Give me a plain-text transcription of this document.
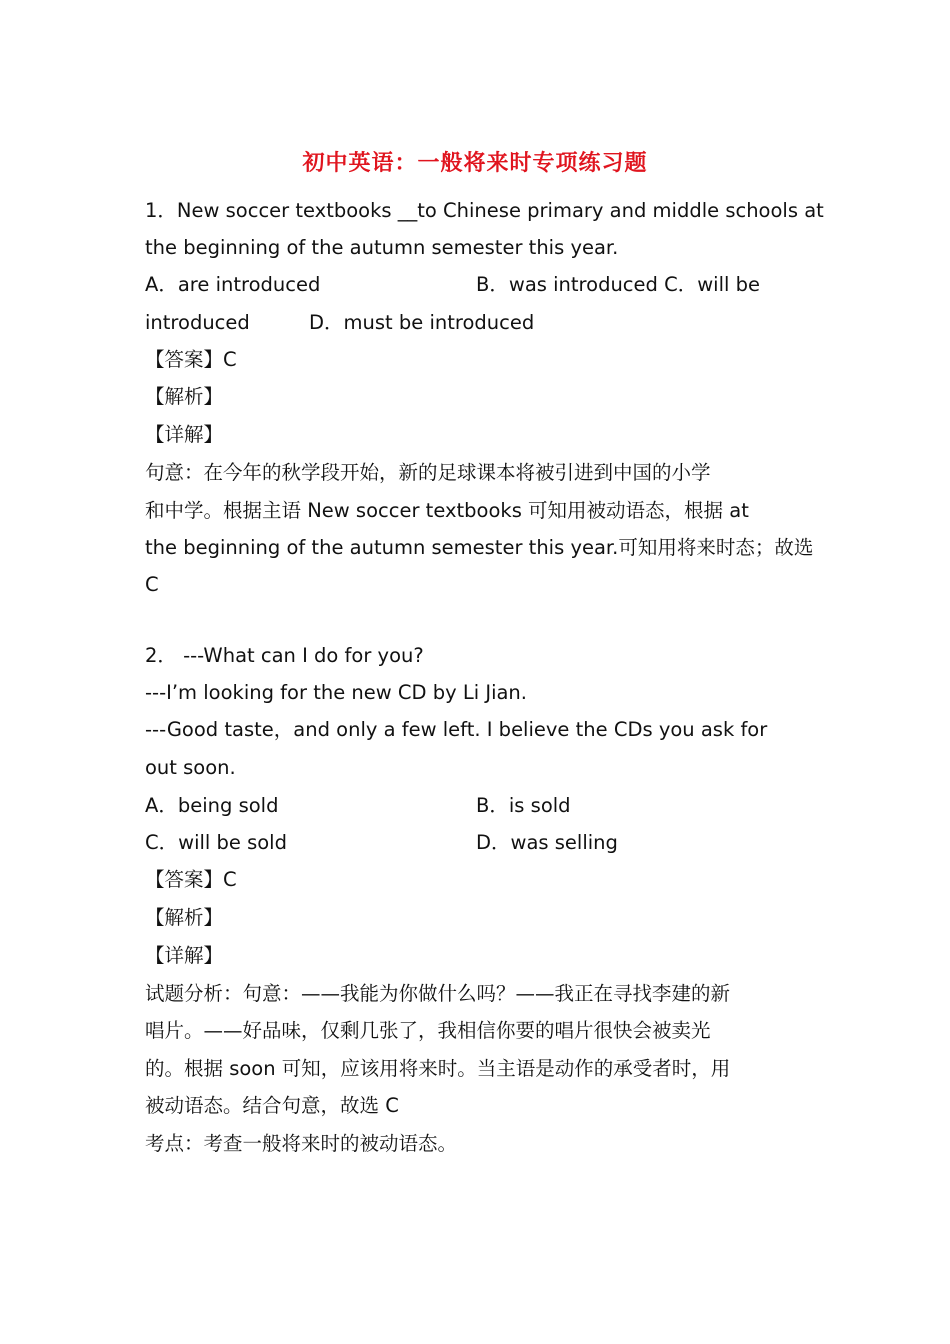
初中英语：一般将来时专项练习题
1．New soccer textbooks __to Chinese primary and middle schools at
the beginning of the autumn semester this year.
A．are introduced	B．was introduced C．will be
introduced	D．must be introduced
【答案】C
【解析】
【详解】
句意：在今年的秋学段开始，新的足球课本将被引进到中国的小学
和中学。根据主语 New soccer textbooks 可知用被动语态，根据 at
the beginning of the autumn semester this year.可知用将来时态；故选
C
2． ---What can I do for you?
---I’m looking for the new CD by Li Jian.
---Good taste，and only a few left. I believe the CDs you ask for
out soon.
A．being sold	B．is sold
C．will be sold	D．was selling
【答案】C
【解析】
【详解】
试题分析：句意：——我能为你做什么吗？——我正在寻找李建的新
唱片。——好品味，仅剩几张了，我相信你要的唱片很快会被卖光
的。根据 soon 可知，应该用将来时。当主语是动作的承受者时，用
被动语态。结合句意，故选 C
考点：考查一般将来时的被动语态。
